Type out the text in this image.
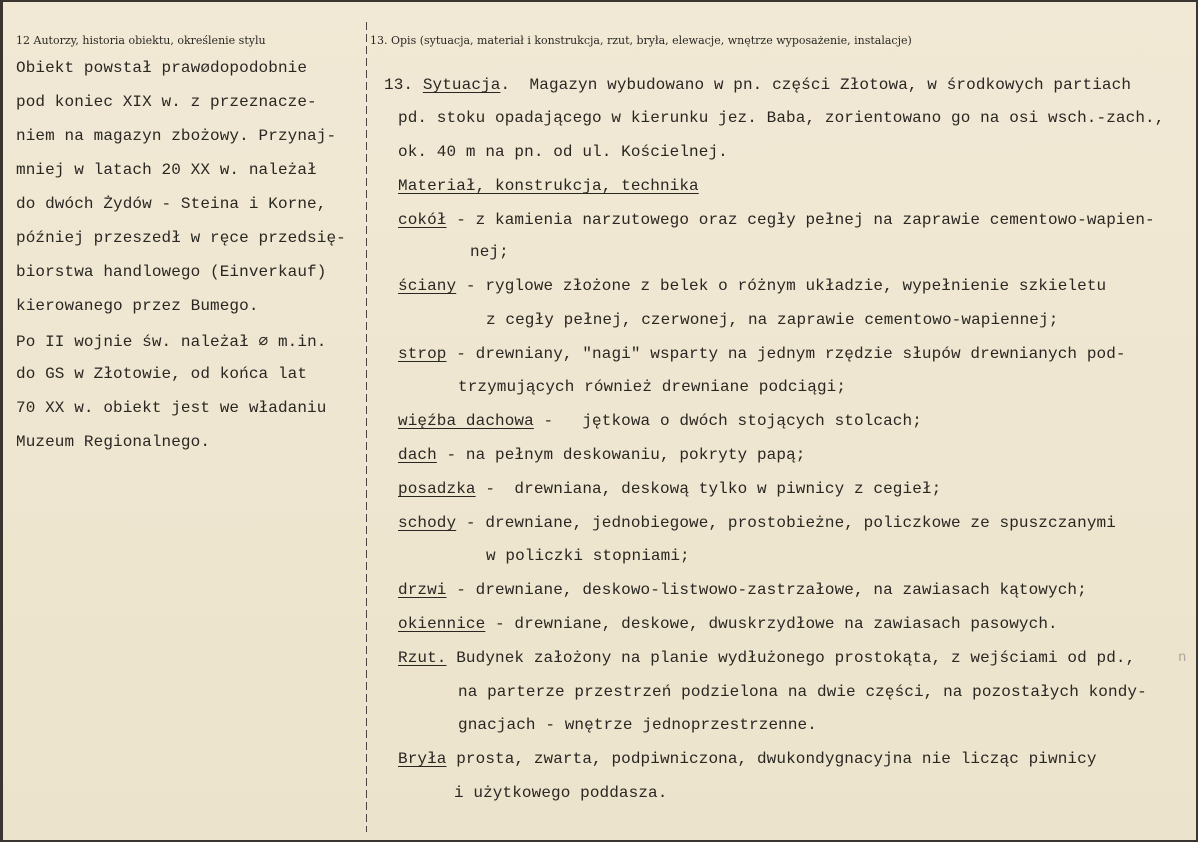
12 Autorzy, historia obiektu, określenie stylu	13. Opis (sytuacja, materiał i konstrukcja, rzut, bryła, elewacje, wnętrze wyposażenie, instalacje)
Obiekt powstał prawødopodobnie
pod koniec XIX w. z przeznacze-
niem na magazyn zbożowy. Przynaj-
mniej w latach 20 XX w. należał
do dwóch Żydów - Steina i Korne,
później przeszedł w ręce przedsię-
biorstwa handlowego (Einverkauf)
kierowanego przez Bumego.
Po II wojnie św. należał ∅ m.in.
do GS w Złotowie, od końca lat
70 XX w. obiekt jest we władaniu
Muzeum Regionalnego.
13. Sytuacja.  Magazyn wybudowano w pn. części Złotowa, w środkowych partiach
pd. stoku opadającego w kierunku jez. Baba, zorientowano go na osi wsch.-zach.,
ok. 40 m na pn. od ul. Kościelnej.
Materiał, konstrukcja, technika
cokół - z kamienia narzutowego oraz cegły pełnej na zaprawie cementowo-wapien-
nej;
ściany - ryglowe złożone z belek o różnym układzie, wypełnienie szkieletu
z cegły pełnej, czerwonej, na zaprawie cementowo-wapiennej;
strop - drewniany, "nagi" wsparty na jednym rzędzie słupów drewnianych pod-
trzymujących również drewniane podciągi;
więźba dachowa -   jętkowa o dwóch stojących stolcach;
dach - na pełnym deskowaniu, pokryty papą;
posadzka -  drewniana, deskową tylko w piwnicy z cegieł;
schody - drewniane, jednobiegowe, prostobieżne, policzkowe ze spuszczanymi
w policzki stopniami;
drzwi - drewniane, deskowo-listwowo-zastrzałowe, na zawiasach kątowych;
okiennice - drewniane, deskowe, dwuskrzydłowe na zawiasach pasowych.
Rzut. Budynek założony na planie wydłużonego prostokąta, z wejściami od pd.,	n
na parterze przestrzeń podzielona na dwie części, na pozostałych kondy-
gnacjach - wnętrze jednoprzestrzenne.
Bryła prosta, zwarta, podpiwniczona, dwukondygnacyjna nie licząc piwnicy
i użytkowego poddasza.
